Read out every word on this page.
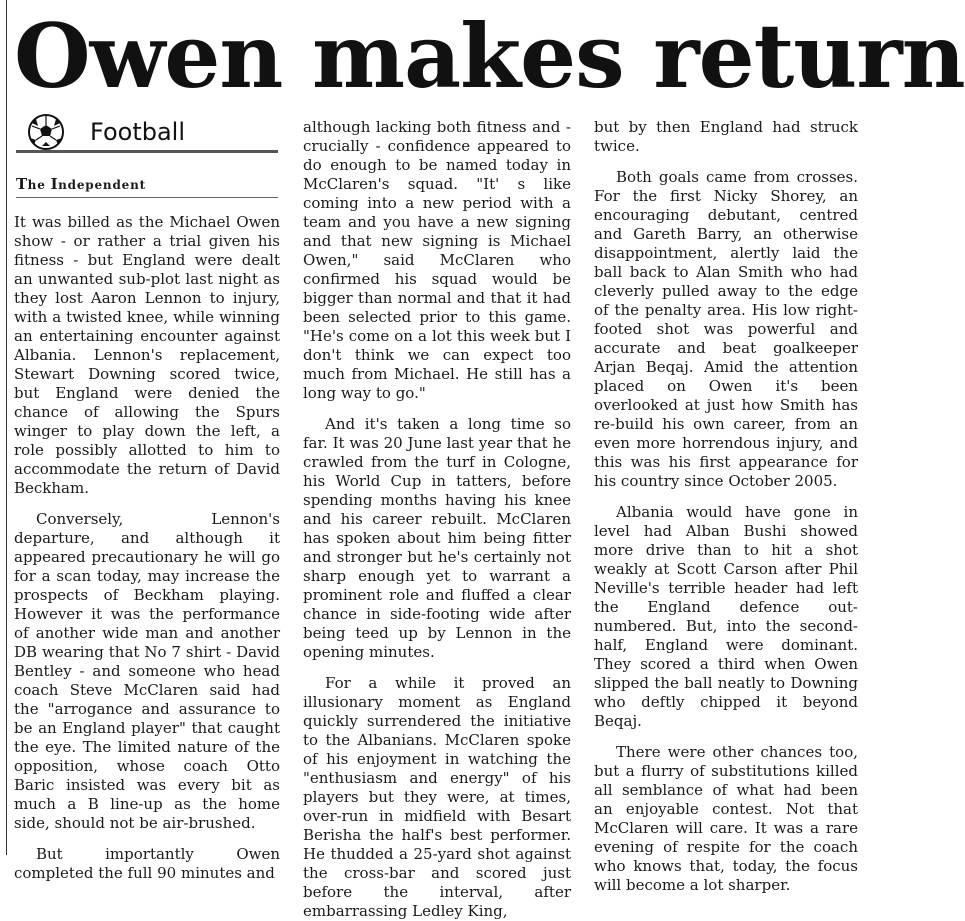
Owen makes return
Football
The Independent

It was billed as the Michael Owen show - or rather a trial given his fitness - but England were dealt an unwanted sub-plot last night as they lost Aaron Lennon to injury, with a twisted knee, while winning an entertaining encounter against Albania. Lennon's replacement, Stewart Downing scored twice, but England were denied the chance of allowing the Spurs winger to play down the left, a role possibly allotted to him to accommodate the return of David Beckham.

Conversely, Lennon's departure, and although it appeared precautionary he will go for a scan today, may increase the prospects of Beckham playing. However it was the performance of another wide man and another DB wearing that No 7 shirt - David Bentley - and someone who head coach Steve McClaren said had the "arrogance and assurance to be an England player" that caught the eye. The limited nature of the opposition, whose coach Otto Baric insisted was every bit as much a B line-up as the home side, should not be air-brushed.

But importantly Owen completed the full 90 minutes and

although lacking both fitness and - crucially - confidence appeared to do enough to be named today in McClaren's squad. "It' s like coming into a new period with a team and you have a new signing and that new signing is Michael Owen," said McClaren who confirmed his squad would be bigger than normal and that it had been selected prior to this game. "He's come on a lot this week but I don't think we can expect too much from Michael. He still has a long way to go."

And it's taken a long time so far. It was 20 June last year that he crawled from the turf in Cologne, his World Cup in tatters, before spending months having his knee and his career rebuilt. McClaren has spoken about him being fitter and stronger but he's certainly not sharp enough yet to warrant a prominent role and fluffed a clear chance in side-footing wide after being teed up by Lennon in the opening minutes.

For a while it proved an illusionary moment as England quickly surrendered the initiative to the Albanians. McClaren spoke of his enjoyment in watching the "enthusiasm and energy" of his players but they were, at times, over-run in midfield with Besart Berisha the half's best performer. He thudded a 25-yard shot against the cross-bar and scored just before the interval, after embarrassing Ledley King,

but by then England had struck twice.

Both goals came from crosses. For the first Nicky Shorey, an encouraging debutant, centred and Gareth Barry, an otherwise disappointment, alertly laid the ball back to Alan Smith who had cleverly pulled away to the edge of the penalty area. His low right-footed shot was powerful and accurate and beat goalkeeper Arjan Beqaj. Amid the attention placed on Owen it's been overlooked at just how Smith has re-build his own career, from an even more horrendous injury, and this was his first appearance for his country since October 2005.

Albania would have gone in level had Alban Bushi showed more drive than to hit a shot weakly at Scott Carson after Phil Neville's terrible header had left the England defence out-numbered. But, into the second-half, England were dominant. They scored a third when Owen slipped the ball neatly to Downing who deftly chipped it beyond Beqaj.

There were other chances too, but a flurry of substitutions killed all semblance of what had been an enjoyable contest. Not that McClaren will care. It was a rare evening of respite for the coach who knows that, today, the focus will become a lot sharper.
